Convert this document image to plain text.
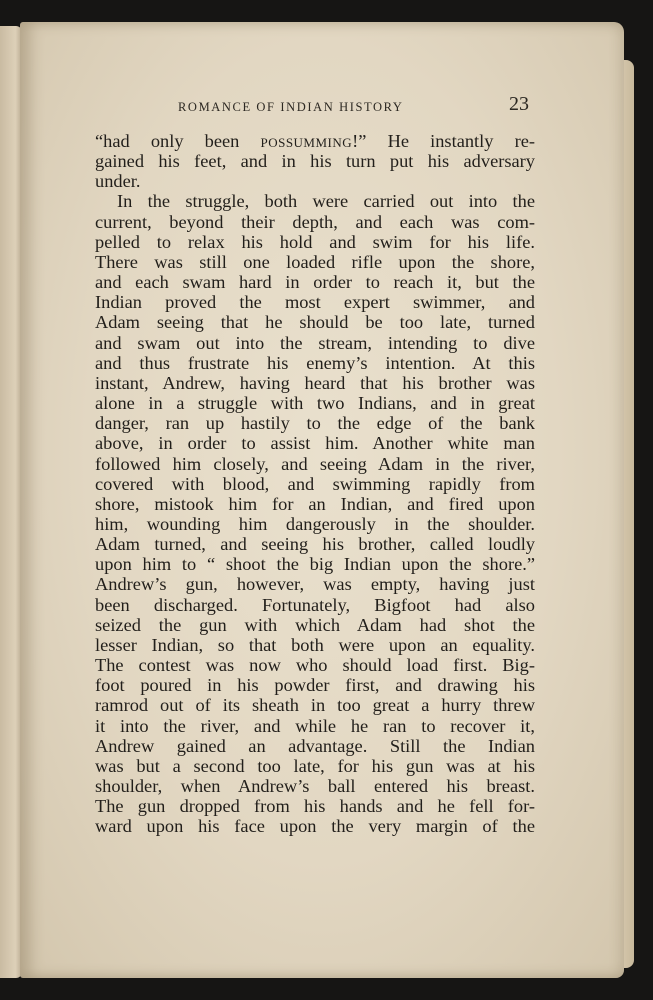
ROMANCE OF INDIAN HISTORY	23
“had only been possumming!” He instantly re-
gained his feet, and in his turn put his adversary
under.
In the struggle, both were carried out into the
current, beyond their depth, and each was com-
pelled to relax his hold and swim for his life.
There was still one loaded rifle upon the shore,
and each swam hard in order to reach it, but the
Indian proved the most expert swimmer, and
Adam seeing that he should be too late, turned
and swam out into the stream, intending to dive
and thus frustrate his enemy’s intention. At this
instant, Andrew, having heard that his brother was
alone in a struggle with two Indians, and in great
danger, ran up hastily to the edge of the bank
above, in order to assist him. Another white man
followed him closely, and seeing Adam in the river,
covered with blood, and swimming rapidly from
shore, mistook him for an Indian, and fired upon
him, wounding him dangerously in the shoulder.
Adam turned, and seeing his brother, called loudly
upon him to “ shoot the big Indian upon the shore.”
Andrew’s gun, however, was empty, having just
been discharged. Fortunately, Bigfoot had also
seized the gun with which Adam had shot the
lesser Indian, so that both were upon an equality.
The contest was now who should load first. Big-
foot poured in his powder first, and drawing his
ramrod out of its sheath in too great a hurry threw
it into the river, and while he ran to recover it,
Andrew gained an advantage. Still the Indian
was but a second too late, for his gun was at his
shoulder, when Andrew’s ball entered his breast.
The gun dropped from his hands and he fell for-
ward upon his face upon the very margin of the
